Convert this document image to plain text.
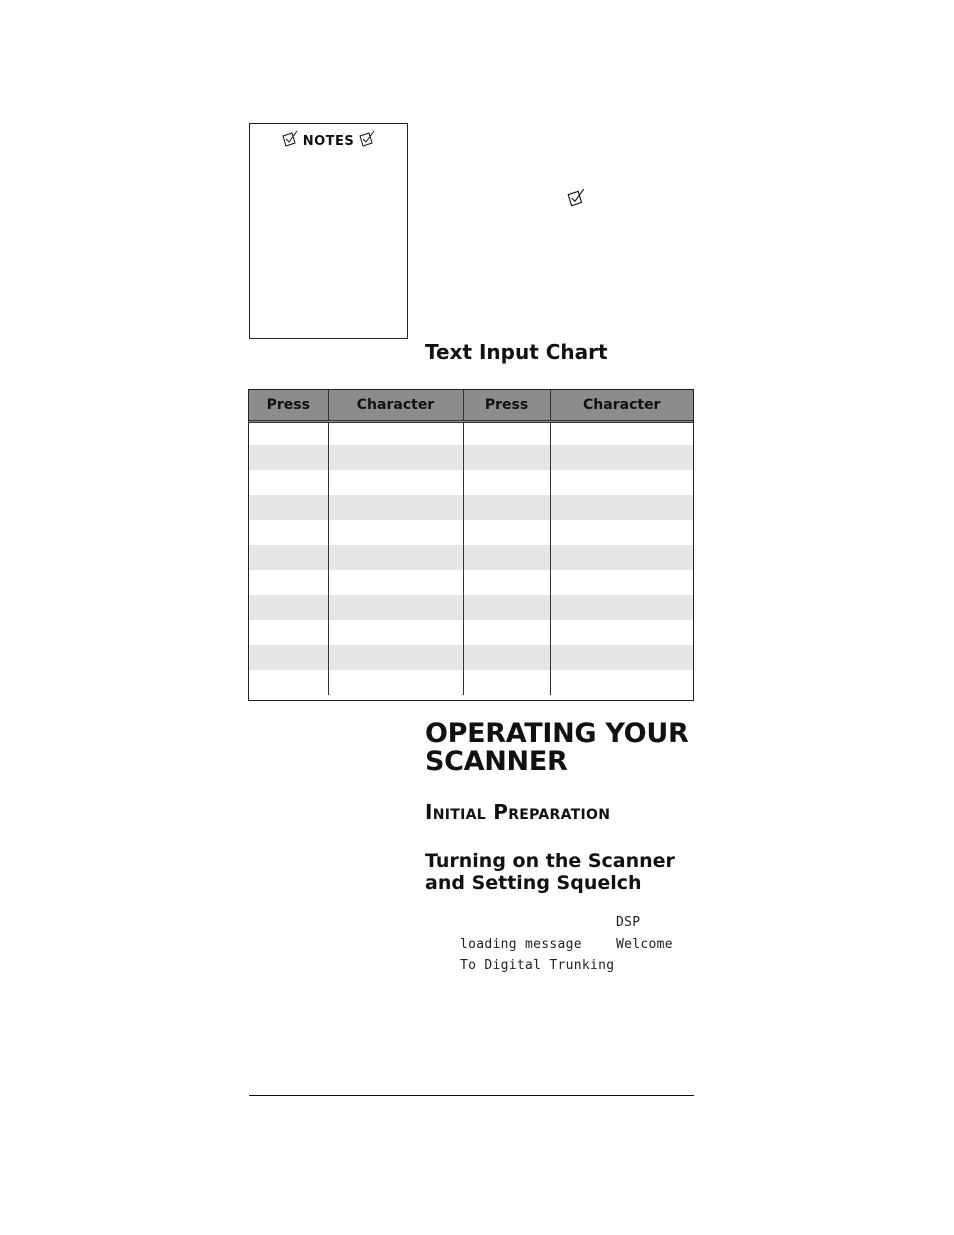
NOTES
Text Input Chart
Press	Character	Press	Character

OPERATING YOUR
SCANNER
Initial Preparation
Turning on the Scanner
and Setting Squelch
DSP
loading message	Welcome
To Digital Trunking
